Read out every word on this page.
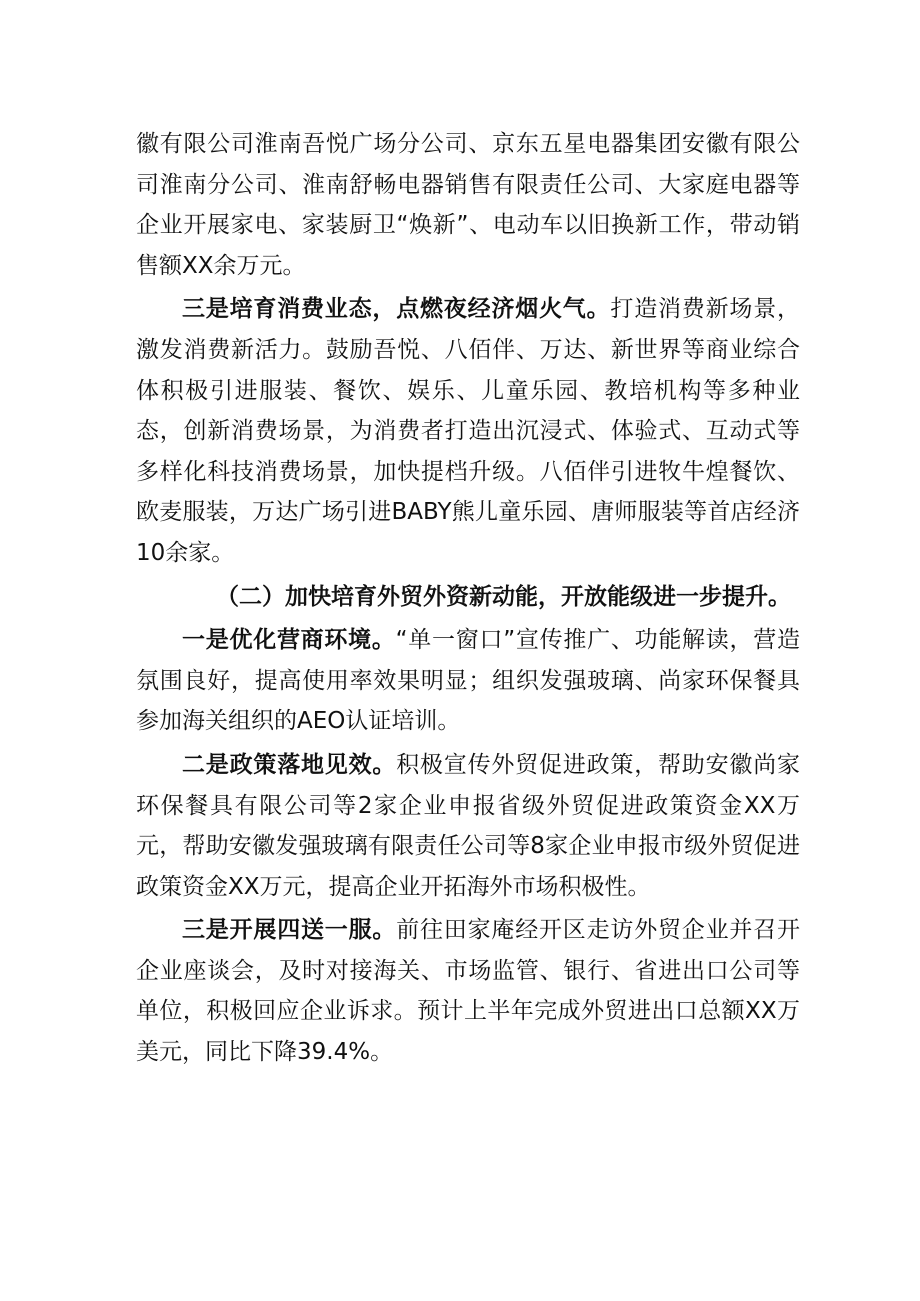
徽有限公司淮南吾悦广场分公司、京东五星电器集团安徽有限公司淮南分公司、淮南舒畅电器销售有限责任公司、大家庭电器等企业开展家电、家装厨卫“焕新”、电动车以旧换新工作，带动销售额XX余万元。

三是培育消费业态，点燃夜经济烟火气。打造消费新场景，激发消费新活力。鼓励吾悦、八佰伴、万达、新世界等商业综合体积极引进服装、餐饮、娱乐、儿童乐园、教培机构等多种业态，创新消费场景，为消费者打造出沉浸式、体验式、互动式等多样化科技消费场景，加快提档升级。八佰伴引进牧牛煌餐饮、欧麦服装，万达广场引进BABY熊儿童乐园、唐师服装等首店经济10余家。

（二）加快培育外贸外资新动能，开放能级进一步提升。

一是优化营商环境。“单一窗口”宣传推广、功能解读，营造氛围良好，提高使用率效果明显；组织发强玻璃、尚家环保餐具参加海关组织的AEO认证培训。

二是政策落地见效。积极宣传外贸促进政策，帮助安徽尚家环保餐具有限公司等2家企业申报省级外贸促进政策资金XX万元，帮助安徽发强玻璃有限责任公司等8家企业申报市级外贸促进政策资金XX万元，提高企业开拓海外市场积极性。

三是开展四送一服。前往田家庵经开区走访外贸企业并召开企业座谈会，及时对接海关、市场监管、银行、省进出口公司等单位，积极回应企业诉求。预计上半年完成外贸进出口总额XX万美元，同比下降39.4%。
